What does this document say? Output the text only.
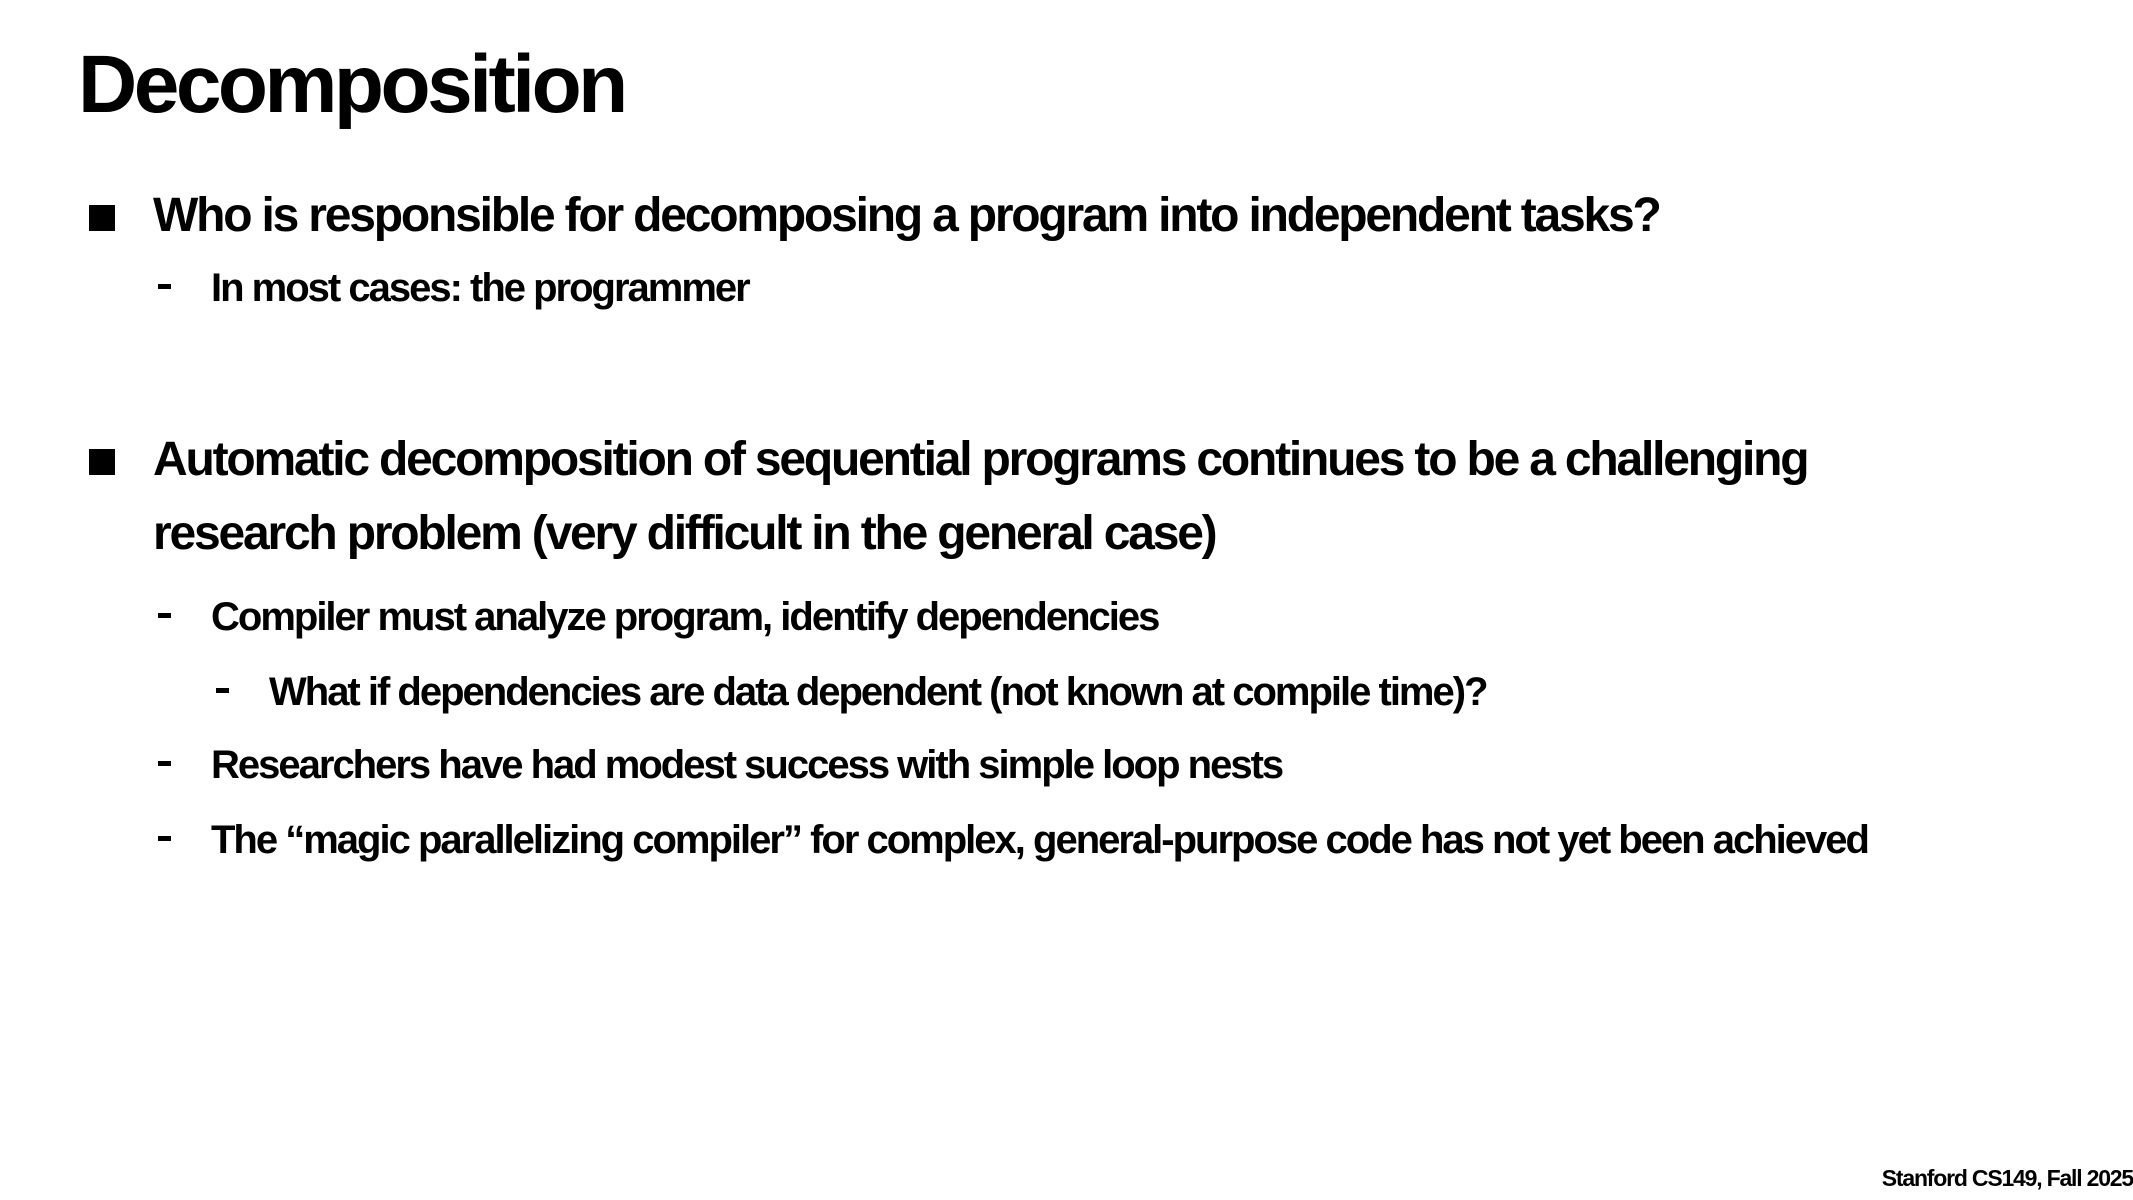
Decomposition
Who is responsible for decomposing a program into independent tasks?
In most cases: the programmer
Automatic decomposition of sequential programs continues to be a challenging
research problem (very difficult in the general case)
Compiler must analyze program, identify dependencies
What if dependencies are data dependent (not known at compile time)?
Researchers have had modest success with simple loop nests
The “magic parallelizing compiler” for complex, general-purpose code has not yet been achieved
Stanford CS149, Fall 2025
